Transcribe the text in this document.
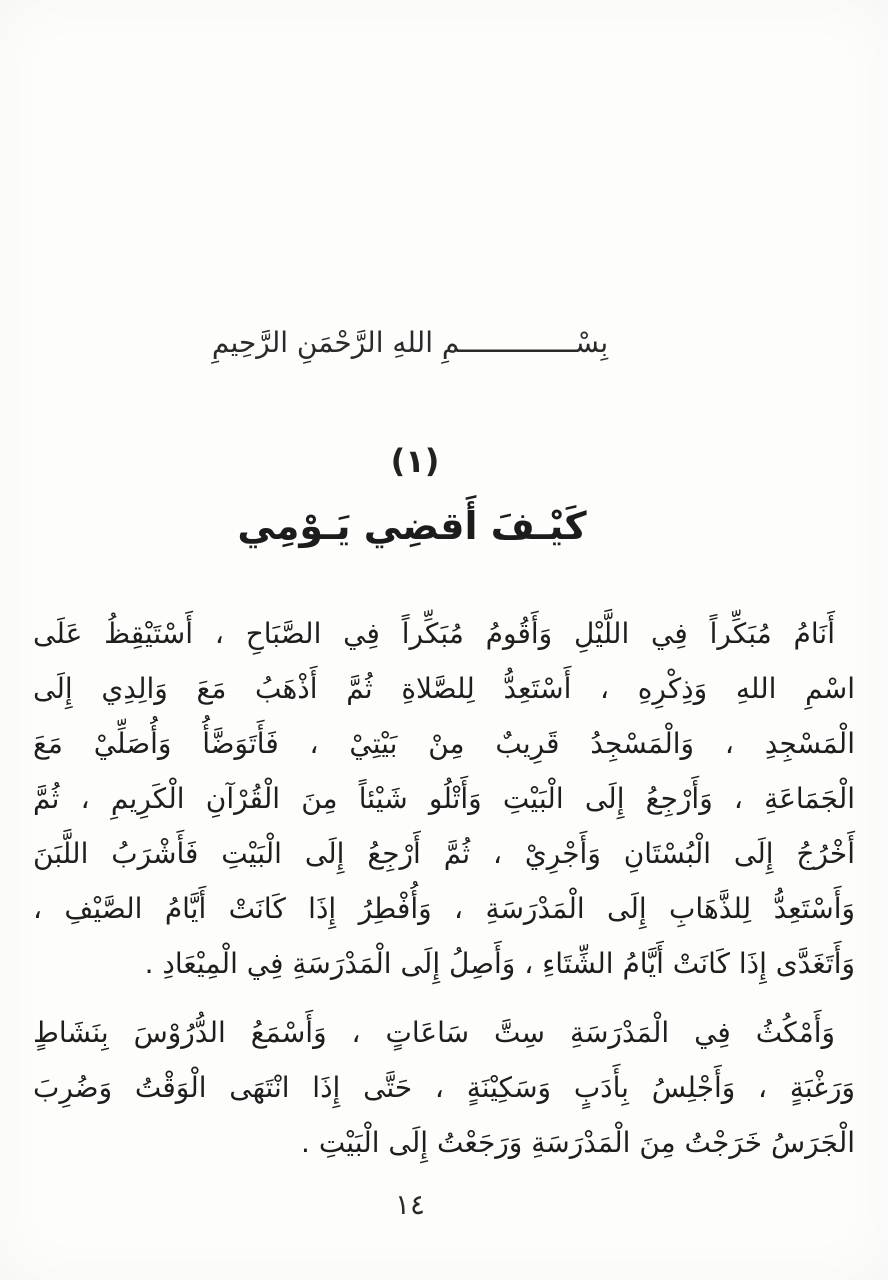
بِسْــــــــــــــمِ اللهِ الرَّحْمَنِ الرَّحِيمِ
(١)
كَيْـفَ أَقضِي يَـوْمِي
أَنَامُ مُبَكِّراً فِي اللَّيْلِ وَأَقُومُ مُبَكِّراً فِي الصَّبَاحِ ، أَسْتَيْقِظُ عَلَى
اسْمِ اللهِ وَذِكْرِهِ ، أَسْتَعِدُّ لِلصَّلاةِ ثُمَّ أَذْهَبُ مَعَ وَالِدِي إِلَى
الْمَسْجِدِ ، وَالْمَسْجِدُ قَرِيبٌ مِنْ بَيْتِيْ ، فَأَتَوَضَّأُ وَأُصَلِّيْ مَعَ
الْجَمَاعَةِ ، وَأَرْجِعُ إِلَى الْبَيْتِ وَأَتْلُو شَيْئاً مِنَ الْقُرْآنِ الْكَرِيمِ ، ثُمَّ
أَخْرُجُ إِلَى الْبُسْتَانِ وَأَجْرِيْ ، ثُمَّ أَرْجِعُ إِلَى الْبَيْتِ فَأَشْرَبُ اللَّبَنَ
وَأَسْتَعِدُّ لِلذَّهَابِ إِلَى الْمَدْرَسَةِ ، وَأُفْطِرُ إِذَا كَانَتْ أَيَّامُ الصَّيْفِ ،
وَأَتَغَدَّى إِذَا كَانَتْ أَيَّامُ الشِّتَاءِ ، وَأَصِلُ إِلَى الْمَدْرَسَةِ فِي الْمِيْعَادِ .
وَأَمْكُثُ فِي الْمَدْرَسَةِ سِتَّ سَاعَاتٍ ، وَأَسْمَعُ الدُّرُوْسَ بِنَشَاطٍ
وَرَغْبَةٍ ، وَأَجْلِسُ بِأَدَبٍ وَسَكِيْنَةٍ ، حَتَّى إِذَا انْتَهَى الْوَقْتُ وَضُرِبَ
الْجَرَسُ خَرَجْتُ مِنَ الْمَدْرَسَةِ وَرَجَعْتُ إِلَى الْبَيْتِ .
١٤
